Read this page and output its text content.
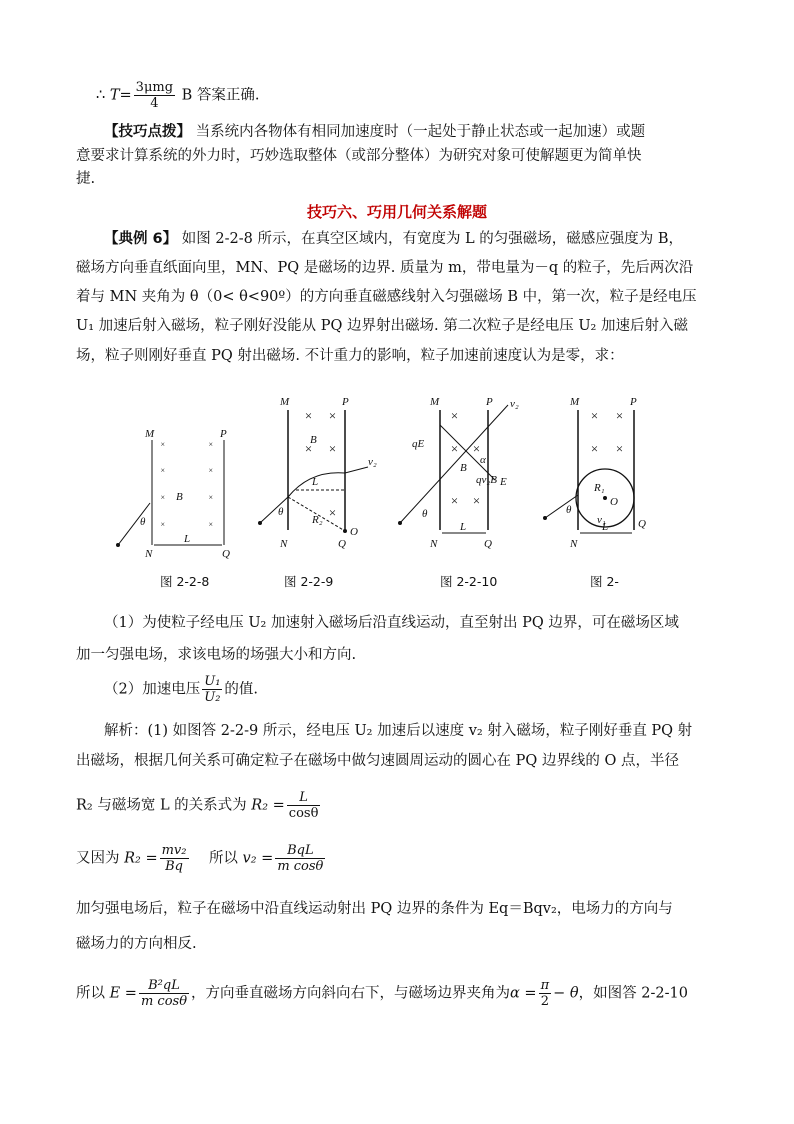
∴ $T= \frac{\text{3μmg}}{4}$ B 答案正确.
【技巧点拨】 当系统内各物体有相同加速度时（一起处于静止状态或一起加速）或题
意要求计算系统的外力时，巧妙选取整体（或部分整体）为研究对象可使解题更为简单快
捷.
技巧六、巧用几何关系解题
【典例 6】 如图 2-2-8 所示，在真空区域内，有宽度为 L 的匀强磁场，磁感应强度为 B，
磁场方向垂直纸面向里，MN、PQ 是磁场的边界. 质量为 m，带电量为－q 的粒子，先后两次沿
着与 MN 夹角为 θ（0< θ<90º）的方向垂直磁感线射入匀强磁场 B 中，第一次，粒子是经电压
U₁ 加速后射入磁场，粒子刚好没能从 PQ 边界射出磁场. 第二次粒子是经电压 U₂ 加速后射入磁
场，粒子则刚好垂直 PQ 射出磁场. 不计重力的影响，粒子加速前速度认为是零，求：
M	P
N	Q
×	×
×	×
×	×
×	×
B
θ
L
M	P
N	Q
× ×
× ×
B
×
v₂
O
L
R₂
θ
M	P
N	Q
v₂
E
×
× ×
× ×
qE
qv₂B
B
α
θ
L
M	P
N
Q
× ×
× ×
O
R₁
v₁
θ
L
图 2-2-8	图 2-2-9	图 2-2-10	图 2-
（1）为使粒子经电压 U₂ 加速射入磁场后沿直线运动，直至射出 PQ 边界，可在磁场区域
加一匀强电场，求该电场的场强大小和方向.
（2）加速电压 $\frac{\text{U₁}}{\text{U₂}}$ 的值.
解析：(1) 如图答 2-2-9 所示，经电压 U₂ 加速后以速度 v₂ 射入磁场，粒子刚好垂直 PQ 射
出磁场，根据几何关系可确定粒子在磁场中做匀速圆周运动的圆心在 PQ 边界线的 O 点，半径
R₂ 与磁场宽 L 的关系式为 $R_2 = \frac{L}{\cos\theta}$
又因为 $R_2 = \frac{\text{mv₂}}{Bq}$ 所以 $v_2 = \frac{\text{BqL}}{\text{m cosθ}}$
加匀强电场后，粒子在磁场中沿直线运动射出 PQ 边界的条件为 Eq＝Bqv₂，电场力的方向与
磁场力的方向相反.
所以 $E = \frac{\text{B²qL}}{\text{m cosθ}}$ ，方向垂直磁场方向斜向右下，与磁场边界夹角为$\alpha = \frac{\pi}{2} - \theta$，如图答 2-2-10
